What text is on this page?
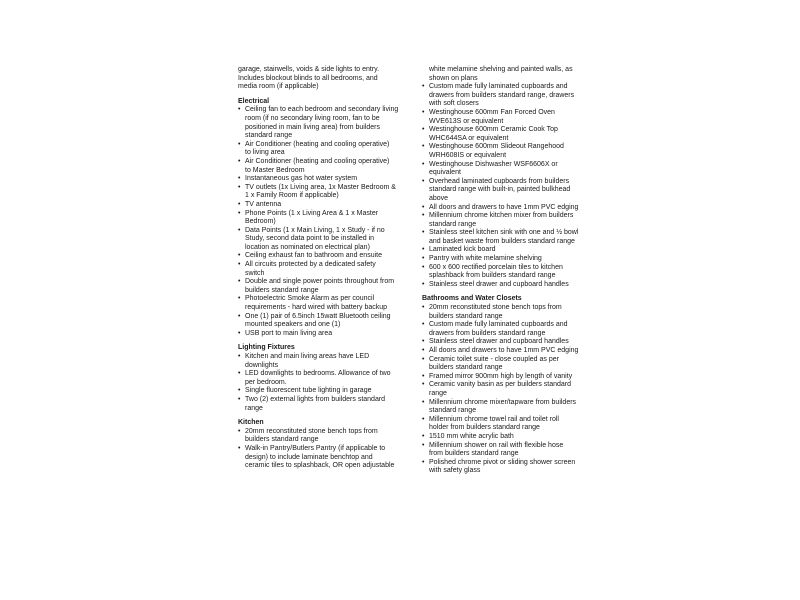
garage, stairwells, voids & side lights to entry.
Includes blockout blinds to all bedrooms, and
media room (if applicable)

Electrical

• Ceiling fan to each bedroom and secondary living
room (if no secondary living room, fan to be
positioned in main living area) from builders
standard range
• Air Conditioner (heating and cooling operative)
to living area
• Air Conditioner (heating and cooling operative)
to Master Bedroom
• Instantaneous gas hot water system
• TV outlets (1x Living area, 1x Master Bedroom &
1 x Family Room if applicable)
• TV antenna
• Phone Points (1 x Living Area & 1 x Master
Bedroom)
• Data Points (1 x Main Living, 1 x Study - if no
Study, second data point to be installed in
location as nominated on electrical plan)
• Ceiling exhaust fan to bathroom and ensuite
• All circuits protected by a dedicated safety
switch
• Double and single power points throughout from
builders standard range
• Photoelectric Smoke Alarm as per council
requirements - hard wired with battery backup
• One (1) pair of 6.5inch 15watt Bluetooth ceiling
mounted speakers and one (1)
• USB port to main living area

Lighting Fixtures

• Kitchen and main living areas have LED
downlights
• LED downlights to bedrooms. Allowance of two
per bedroom.
• Single fluorescent tube lighting in garage
• Two (2) external lights from builders standard
range

Kitchen

• 20mm reconstituted stone bench tops from
builders standard range
• Walk-in Pantry/Butlers Pantry (if applicable to
design) to include laminate benchtop and
ceramic tiles to splashback, OR open adjustable

white melamine shelving and painted walls, as
shown on plans

• Custom made fully laminated cupboards and
drawers from builders standard range, drawers
with soft closers
• Westinghouse 600mm Fan Forced Oven
WVE613S or equivalent
• Westinghouse 600mm Ceramic Cook Top
WHC644SA or equivalent
• Westinghouse 600mm Slideout Rangehood
WRH608IS or equivalent
• Westinghouse Dishwasher WSF6606X or
equivalent
• Overhead laminated cupboards from builders
standard range with built-in, painted bulkhead
above
• All doors and drawers to have 1mm PVC edging
• Millennium chrome kitchen mixer from builders
standard range
• Stainless steel kitchen sink with one and ½ bowl
and basket waste from builders standard range
• Laminated kick board
• Pantry with white melamine shelving
• 600 x 600 rectified porcelain tiles to kitchen
splashback from builders standard range
• Stainless steel drawer and cupboard handles

Bathrooms and Water Closets

• 20mm reconstituted stone bench tops from
builders standard range
• Custom made fully laminated cupboards and
drawers from builders standard range
• Stainless steel drawer and cupboard handles
• All doors and drawers to have 1mm PVC edging
• Ceramic toilet suite - close coupled as per
builders standard range
• Framed mirror 900mm high by length of vanity
• Ceramic vanity basin as per builders standard
range
• Millennium chrome mixer/tapware from builders
standard range
• Millennium chrome towel rail and toilet roll
holder from builders standard range
• 1510 mm white acrylic bath
• Millennium shower on rail with flexible hose
from builders standard range
• Polished chrome pivot or sliding shower screen
with safety glass
